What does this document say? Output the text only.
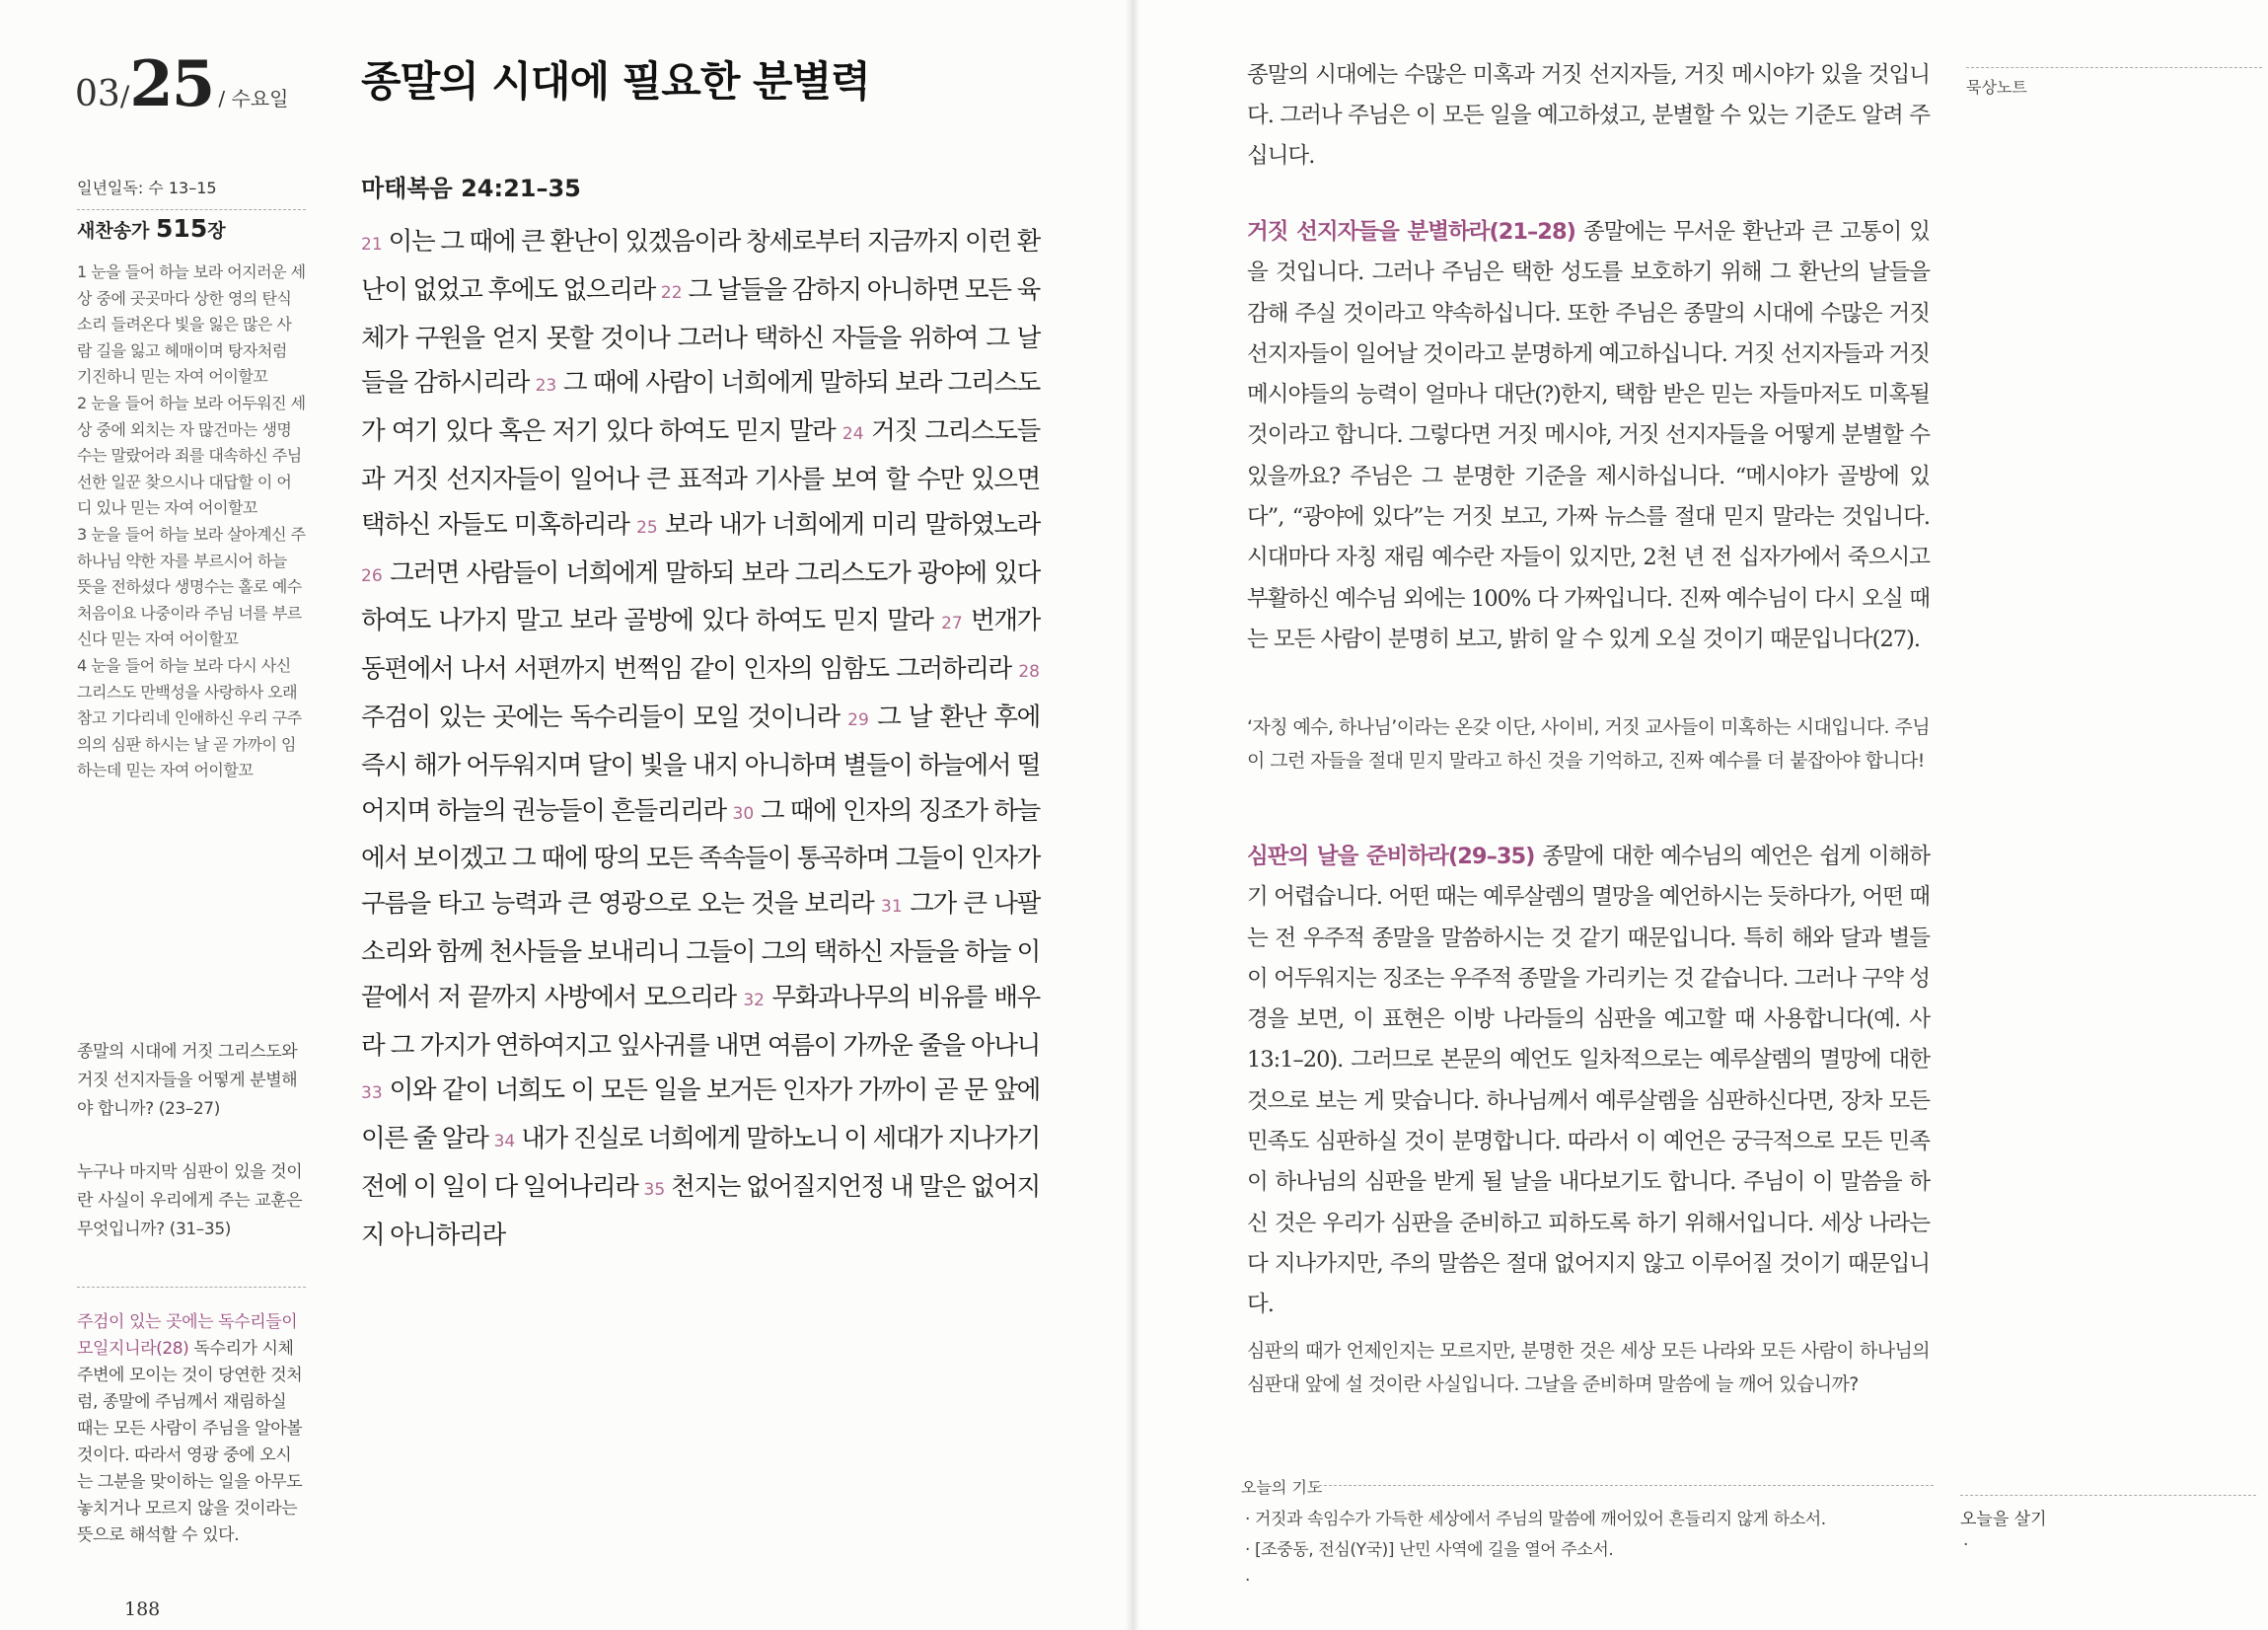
03/25 / 수요일 종말의 시대에 필요한 분별력
일년일독: 수 13–15
새찬송가 515장

1 눈을 들어 하늘 보라 어지러운 세상 중에 곳곳마다 상한 영의 탄식 소리 들려온다 빛을 잃은 많은 사람 길을 잃고 헤매이며 탕자처럼 기진하니 믿는 자여 어이할꼬

2 눈을 들어 하늘 보라 어두워진 세상 중에 외치는 자 많건마는 생명수는 말랐어라 죄를 대속하신 주님 선한 일꾼 찾으시나 대답할 이 어디 있나 믿는 자여 어이할꼬

3 눈을 들어 하늘 보라 살아계신 주 하나님 약한 자를 부르시어 하늘 뜻을 전하셨다 생명수는 홀로 예수 처음이요 나중이라 주님 너를 부르신다 믿는 자여 어이할꼬

4 눈을 들어 하늘 보라 다시 사신 그리스도 만백성을 사랑하사 오래 참고 기다리네 인애하신 우리 구주 의의 심판 하시는 날 곧 가까이 임하는데 믿는 자여 어이할꼬

종말의 시대에 거짓 그리스도와 거짓 선지자들을 어떻게 분별해야 합니까? (23–27)
누구나 마지막 심판이 있을 것이란 사실이 우리에게 주는 교훈은 무엇입니까? (31–35)
주검이 있는 곳에는 독수리들이 모일지니라(28) 독수리가 시체 주변에 모이는 것이 당연한 것처럼, 종말에 주님께서 재림하실 때는 모든 사람이 주님을 알아볼 것이다. 따라서 영광 중에 오시는 그분을 맞이하는 일을 아무도 놓치거나 모르지 않을 것이라는 뜻으로 해석할 수 있다.
188
마태복음 24:21–35
21 이는 그 때에 큰 환난이 있겠음이라 창세로부터 지금까지 이런 환난이 없었고 후에도 없으리라 22 그 날들을 감하지 아니하면 모든 육체가 구원을 얻지 못할 것이나 그러나 택하신 자들을 위하여 그 날들을 감하시리라 23 그 때에 사람이 너희에게 말하되 보라 그리스도가 여기 있다 혹은 저기 있다 하여도 믿지 말라 24 거짓 그리스도들과 거짓 선지자들이 일어나 큰 표적과 기사를 보여 할 수만 있으면 택하신 자들도 미혹하리라 25 보라 내가 너희에게 미리 말하였노라 26 그러면 사람들이 너희에게 말하되 보라 그리스도가 광야에 있다 하여도 나가지 말고 보라 골방에 있다 하여도 믿지 말라 27 번개가 동편에서 나서 서편까지 번쩍임 같이 인자의 임함도 그러하리라 28 주검이 있는 곳에는 독수리들이 모일 것이니라 29 그 날 환난 후에 즉시 해가 어두워지며 달이 빛을 내지 아니하며 별들이 하늘에서 떨어지며 하늘의 권능들이 흔들리리라 30 그 때에 인자의 징조가 하늘에서 보이겠고 그 때에 땅의 모든 족속들이 통곡하며 그들이 인자가 구름을 타고 능력과 큰 영광으로 오는 것을 보리라 31 그가 큰 나팔소리와 함께 천사들을 보내리니 그들이 그의 택하신 자들을 하늘 이 끝에서 저 끝까지 사방에서 모으리라 32 무화과나무의 비유를 배우라 그 가지가 연하여지고 잎사귀를 내면 여름이 가까운 줄을 아나니 33 이와 같이 너희도 이 모든 일을 보거든 인자가 가까이 곧 문 앞에 이른 줄 알라 34 내가 진실로 너희에게 말하노니 이 세대가 지나가기 전에 이 일이 다 일어나리라 35 천지는 없어질지언정 내 말은 없어지지 아니하리라
종말의 시대에는 수많은 미혹과 거짓 선지자들, 거짓 메시야가 있을 것입니다. 그러나 주님은 이 모든 일을 예고하셨고, 분별할 수 있는 기준도 알려 주십니다.
거짓 선지자들을 분별하라(21–28) 종말에는 무서운 환난과 큰 고통이 있을 것입니다. 그러나 주님은 택한 성도를 보호하기 위해 그 환난의 날들을 감해 주실 것이라고 약속하십니다. 또한 주님은 종말의 시대에 수많은 거짓 선지자들이 일어날 것이라고 분명하게 예고하십니다. 거짓 선지자들과 거짓 메시야들의 능력이 얼마나 대단(?)한지, 택함 받은 믿는 자들마저도 미혹될 것이라고 합니다. 그렇다면 거짓 메시야, 거짓 선지자들을 어떻게 분별할 수 있을까요? 주님은 그 분명한 기준을 제시하십니다. “메시야가 골방에 있다”, “광야에 있다”는 거짓 보고, 가짜 뉴스를 절대 믿지 말라는 것입니다. 시대마다 자칭 재림 예수란 자들이 있지만, 2천 년 전 십자가에서 죽으시고 부활하신 예수님 외에는 100% 다 가짜입니다. 진짜 예수님이 다시 오실 때는 모든 사람이 분명히 보고, 밝히 알 수 있게 오실 것이기 때문입니다(27).
‘자칭 예수, 하나님’이라는 온갖 이단, 사이비, 거짓 교사들이 미혹하는 시대입니다. 주님이 그런 자들을 절대 믿지 말라고 하신 것을 기억하고, 진짜 예수를 더 붙잡아야 합니다!
심판의 날을 준비하라(29–35) 종말에 대한 예수님의 예언은 쉽게 이해하기 어렵습니다. 어떤 때는 예루살렘의 멸망을 예언하시는 듯하다가, 어떤 때는 전 우주적 종말을 말씀하시는 것 같기 때문입니다. 특히 해와 달과 별들이 어두워지는 징조는 우주적 종말을 가리키는 것 같습니다. 그러나 구약 성경을 보면, 이 표현은 이방 나라들의 심판을 예고할 때 사용합니다(예. 사 13:1–20). 그러므로 본문의 예언도 일차적으로는 예루살렘의 멸망에 대한 것으로 보는 게 맞습니다. 하나님께서 예루살렘을 심판하신다면, 장차 모든 민족도 심판하실 것이 분명합니다. 따라서 이 예언은 궁극적으로 모든 민족이 하나님의 심판을 받게 될 날을 내다보기도 합니다. 주님이 이 말씀을 하신 것은 우리가 심판을 준비하고 피하도록 하기 위해서입니다. 세상 나라는 다 지나가지만, 주의 말씀은 절대 없어지지 않고 이루어질 것이기 때문입니다.
심판의 때가 언제인지는 모르지만, 분명한 것은 세상 모든 나라와 모든 사람이 하나님의 심판대 앞에 설 것이란 사실입니다. 그날을 준비하며 말씀에 늘 깨어 있습니까?
묵상노트
오늘의 기도
· 거짓과 속임수가 가득한 세상에서 주님의 말씀에 깨어있어 흔들리지 않게 하소서.
· [조중동, 전심(Y국)] 난민 사역에 길을 열어 주소서.
·
오늘을 살기
·
